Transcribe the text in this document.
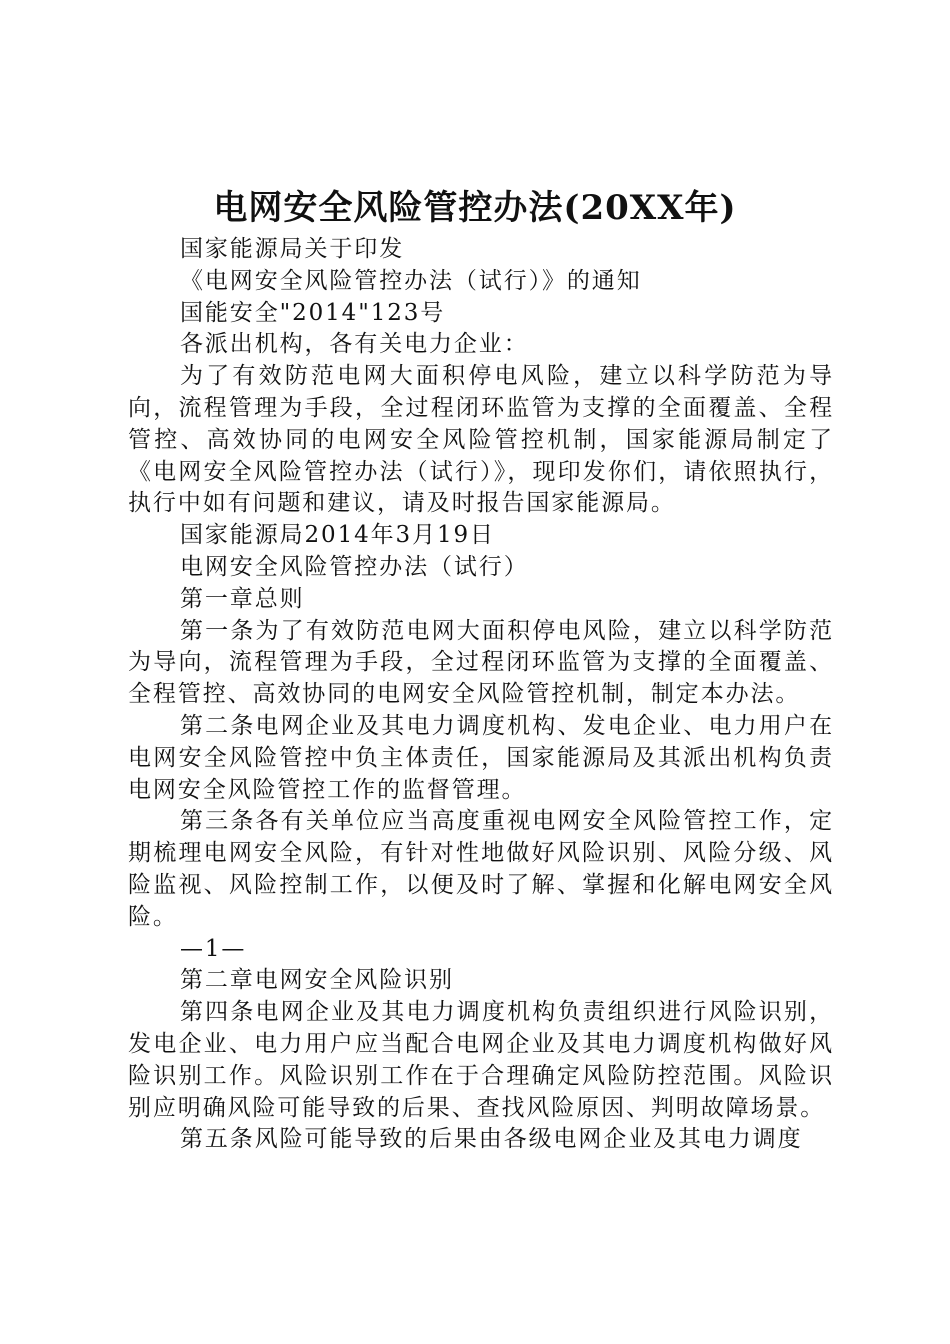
电网安全风险管控办法(20XX年)

国家能源局关于印发

《电网安全风险管控办法（试行）》的通知

国能安全"2014"123号

各派出机构，各有关电力企业：

为了有效防范电网大面积停电风险，建立以科学防范为导向，流程管理为手段，全过程闭环监管为支撑的全面覆盖、全程管控、高效协同的电网安全风险管控机制，国家能源局制定了《电网安全风险管控办法（试行）》，现印发你们，请依照执行，执行中如有问题和建议，请及时报告国家能源局。

国家能源局2014年3月19日

电网安全风险管控办法（试行）

第一章总则

第一条为了有效防范电网大面积停电风险，建立以科学防范为导向，流程管理为手段，全过程闭环监管为支撑的全面覆盖、全程管控、高效协同的电网安全风险管控机制，制定本办法。

第二条电网企业及其电力调度机构、发电企业、电力用户在电网安全风险管控中负主体责任，国家能源局及其派出机构负责电网安全风险管控工作的监督管理。

第三条各有关单位应当高度重视电网安全风险管控工作，定期梳理电网安全风险，有针对性地做好风险识别、风险分级、风险监视、风险控制工作，以便及时了解、掌握和化解电网安全风险。

—1—

第二章电网安全风险识别

第四条电网企业及其电力调度机构负责组织进行风险识别，发电企业、电力用户应当配合电网企业及其电力调度机构做好风险识别工作。风险识别工作在于合理确定风险防控范围。风险识别应明确风险可能导致的后果、查找风险原因、判明故障场景。

第五条风险可能导致的后果由各级电网企业及其电力调度
